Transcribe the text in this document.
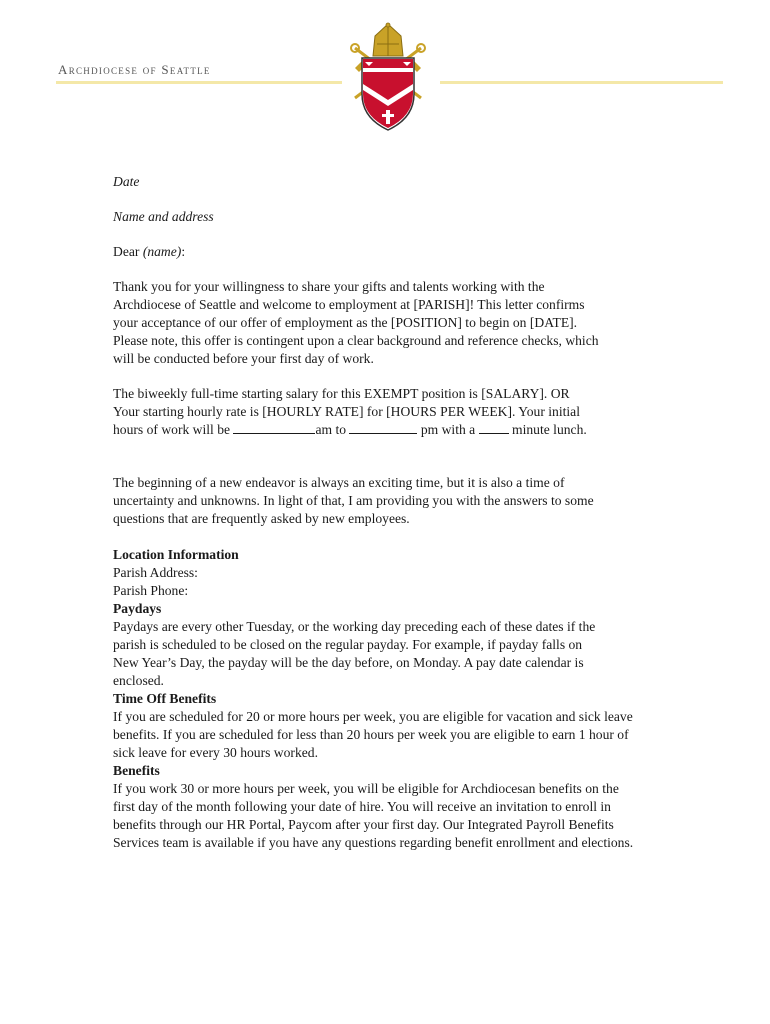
Archdiocese of Seattle

Date

Name and address

Dear (name):

Thank you for your willingness to share your gifts and talents working with the

Archdiocese of Seattle and welcome to employment at [PARISH]! This letter confirms

your acceptance of our offer of employment as the [POSITION] to begin on [DATE].

Please note, this offer is contingent upon a clear background and reference checks, which

will be conducted before your first day of work.

The biweekly full-time starting salary for this EXEMPT position is [SALARY]. OR

Your starting hourly rate is [HOURLY RATE] for [HOURS PER WEEK]. Your initial

hours of work will be	am to	pm with a  minute lunch.

The beginning of a new endeavor is always an exciting time, but it is also a time of

uncertainty and unknowns. In light of that, I am providing you with the answers to some

questions that are frequently asked by new employees.

Location Information

Parish Address:

Parish Phone:

Paydays

Paydays are every other Tuesday, or the working day preceding each of these dates if the

parish is scheduled to be closed on the regular payday. For example, if payday falls on

New Year’s Day, the payday will be the day before, on Monday. A pay date calendar is

enclosed.

Time Off Benefits

If you are scheduled for 20 or more hours per week, you are eligible for vacation and sick leave

benefits. If you are scheduled for less than 20 hours per week you are eligible to earn 1 hour of

sick leave for every 30 hours worked.

Benefits

If you work 30 or more hours per week, you will be eligible for Archdiocesan benefits on the

first day of the month following your date of hire. You will receive an invitation to enroll in

benefits through our HR Portal, Paycom after your first day. Our Integrated Payroll Benefits

Services team is available if you have any questions regarding benefit enrollment and elections.
